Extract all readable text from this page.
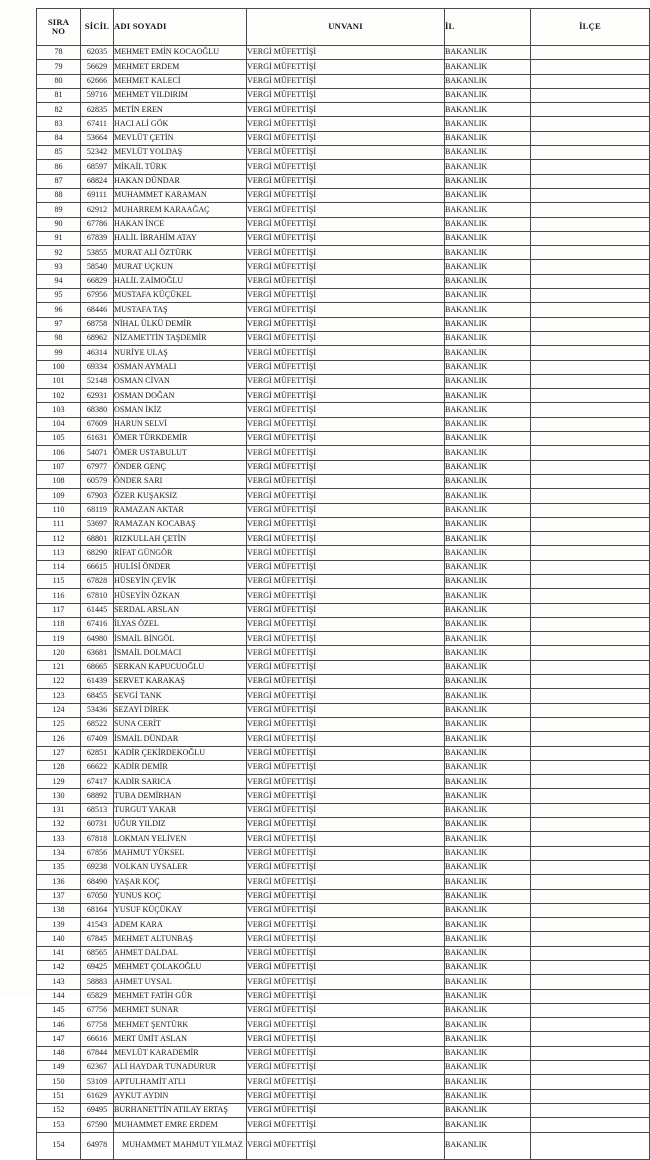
SIRA
NO	SİCİL	ADI SOYADI	UNVANI	İL	İLÇE
78	62035	MEHMET EMİN KOCAOĞLU	VERGİ MÜFETTİŞİ	BAKANLIK	
79	56629	MEHMET ERDEM	VERGİ MÜFETTİŞİ	BAKANLIK	
80	62666	MEHMET KALECİ	VERGİ MÜFETTİŞİ	BAKANLIK	
81	59716	MEHMET YILDIRIM	VERGİ MÜFETTİŞİ	BAKANLIK	
82	62835	METİN EREN	VERGİ MÜFETTİŞİ	BAKANLIK	
83	67411	HACI ALİ GÖK	VERGİ MÜFETTİŞİ	BAKANLIK	
84	53664	MEVLÜT ÇETİN	VERGİ MÜFETTİŞİ	BAKANLIK	
85	52342	MEVLÜT YOLDAŞ	VERGİ MÜFETTİŞİ	BAKANLIK	
86	68597	MİKAİL TÜRK	VERGİ MÜFETTİŞİ	BAKANLIK	
87	68824	HAKAN DÜNDAR	VERGİ MÜFETTİŞİ	BAKANLIK	
88	69111	MUHAMMET KARAMAN	VERGİ MÜFETTİŞİ	BAKANLIK	
89	62912	MUHARREM KARAAĞAÇ	VERGİ MÜFETTİŞİ	BAKANLIK	
90	67786	HAKAN İNCE	VERGİ MÜFETTİŞİ	BAKANLIK	
91	67839	HALİL İBRAHİM ATAY	VERGİ MÜFETTİŞİ	BAKANLIK	
92	53855	MURAT ALİ ÖZTÜRK	VERGİ MÜFETTİŞİ	BAKANLIK	
93	58540	MURAT UÇKUN	VERGİ MÜFETTİŞİ	BAKANLIK	
94	66829	HALİL ZAİMOĞLU	VERGİ MÜFETTİŞİ	BAKANLIK	
95	67956	MUSTAFA KÜÇÜKEL	VERGİ MÜFETTİŞİ	BAKANLIK	
96	68446	MUSTAFA TAŞ	VERGİ MÜFETTİŞİ	BAKANLIK	
97	68758	NİHAL ÜLKÜ DEMİR	VERGİ MÜFETTİŞİ	BAKANLIK	
98	68962	NİZAMETTİN TAŞDEMİR	VERGİ MÜFETTİŞİ	BAKANLIK	
99	46314	NURİYE ULAŞ	VERGİ MÜFETTİŞİ	BAKANLIK	
100	69334	OSMAN AYMALI	VERGİ MÜFETTİŞİ	BAKANLIK	
101	52148	OSMAN CİVAN	VERGİ MÜFETTİŞİ	BAKANLIK	
102	62931	OSMAN DOĞAN	VERGİ MÜFETTİŞİ	BAKANLIK	
103	68380	OSMAN İKİZ	VERGİ MÜFETTİŞİ	BAKANLIK	
104	67609	HARUN SELVİ	VERGİ MÜFETTİŞİ	BAKANLIK	
105	61631	ÖMER TÜRKDEMİR	VERGİ MÜFETTİŞİ	BAKANLIK	
106	54071	ÖMER USTABULUT	VERGİ MÜFETTİŞİ	BAKANLIK	
107	67977	ÖNDER GENÇ	VERGİ MÜFETTİŞİ	BAKANLIK	
108	60579	ÖNDER SARI	VERGİ MÜFETTİŞİ	BAKANLIK	
109	67903	ÖZER KUŞAKSIZ	VERGİ MÜFETTİŞİ	BAKANLIK	
110	68119	RAMAZAN AKTAR	VERGİ MÜFETTİŞİ	BAKANLIK	
111	53697	RAMAZAN KOCABAŞ	VERGİ MÜFETTİŞİ	BAKANLIK	
112	68801	RIZKULLAH ÇETİN	VERGİ MÜFETTİŞİ	BAKANLIK	
113	68290	RİFAT GÜNGÖR	VERGİ MÜFETTİŞİ	BAKANLIK	
114	66615	HULİSİ ÖNDER	VERGİ MÜFETTİŞİ	BAKANLIK	
115	67828	HÜSEYİN ÇEVİK	VERGİ MÜFETTİŞİ	BAKANLIK	
116	67810	HÜSEYİN ÖZKAN	VERGİ MÜFETTİŞİ	BAKANLIK	
117	61445	SERDAL ARSLAN	VERGİ MÜFETTİŞİ	BAKANLIK	
118	67416	İLYAS ÖZEL	VERGİ MÜFETTİŞİ	BAKANLIK	
119	64980	İSMAİL BİNGÖL	VERGİ MÜFETTİŞİ	BAKANLIK	
120	63681	İSMAİL DOLMACI	VERGİ MÜFETTİŞİ	BAKANLIK	
121	68665	SERKAN KAPUCUOĞLU	VERGİ MÜFETTİŞİ	BAKANLIK	
122	61439	SERVET KARAKAŞ	VERGİ MÜFETTİŞİ	BAKANLIK	
123	68455	SEVGİ TANK	VERGİ MÜFETTİŞİ	BAKANLIK	
124	53436	SEZAYİ DİREK	VERGİ MÜFETTİŞİ	BAKANLIK	
125	68522	SUNA CERİT	VERGİ MÜFETTİŞİ	BAKANLIK	
126	67409	İSMAİL DÜNDAR	VERGİ MÜFETTİŞİ	BAKANLIK	
127	62851	KADİR ÇEKİRDEKOĞLU	VERGİ MÜFETTİŞİ	BAKANLIK	
128	66622	KADİR DEMİR	VERGİ MÜFETTİŞİ	BAKANLIK	
129	67417	KADİR SARICA	VERGİ MÜFETTİŞİ	BAKANLIK	
130	68892	TUBA DEMİRHAN	VERGİ MÜFETTİŞİ	BAKANLIK	
131	68513	TURGUT YAKAR	VERGİ MÜFETTİŞİ	BAKANLIK	
132	60731	UĞUR YILDIZ	VERGİ MÜFETTİŞİ	BAKANLIK	
133	67818	LOKMAN YELİVEN	VERGİ MÜFETTİŞİ	BAKANLIK	
134	67856	MAHMUT YÜKSEL	VERGİ MÜFETTİŞİ	BAKANLIK	
135	69238	VOLKAN UYSALER	VERGİ MÜFETTİŞİ	BAKANLIK	
136	68490	YAŞAR KOÇ	VERGİ MÜFETTİŞİ	BAKANLIK	
137	67050	YUNUS KOÇ	VERGİ MÜFETTİŞİ	BAKANLIK	
138	68164	YUSUF KÜÇÜKAY	VERGİ MÜFETTİŞİ	BAKANLIK	
139	41543	ADEM KARA	VERGİ MÜFETTİŞİ	BAKANLIK	
140	67845	MEHMET ALTUNBAŞ	VERGİ MÜFETTİŞİ	BAKANLIK	
141	68565	AHMET DALDAL	VERGİ MÜFETTİŞİ	BAKANLIK	
142	69425	MEHMET ÇOLAKOĞLU	VERGİ MÜFETTİŞİ	BAKANLIK	
143	58883	AHMET UYSAL	VERGİ MÜFETTİŞİ	BAKANLIK	
144	65829	MEHMET FATİH GÜR	VERGİ MÜFETTİŞİ	BAKANLIK	
145	67756	MEHMET SUNAR	VERGİ MÜFETTİŞİ	BAKANLIK	
146	67758	MEHMET ŞENTÜRK	VERGİ MÜFETTİŞİ	BAKANLIK	
147	66616	MERT ÜMİT ASLAN	VERGİ MÜFETTİŞİ	BAKANLIK	
148	67844	MEVLÜT KARADEMİR	VERGİ MÜFETTİŞİ	BAKANLIK	
149	62367	ALİ HAYDAR TUNADURUR	VERGİ MÜFETTİŞİ	BAKANLIK	
150	53109	APTULHAMİT ATLI	VERGİ MÜFETTİŞİ	BAKANLIK	
151	61629	AYKUT AYDIN	VERGİ MÜFETTİŞİ	BAKANLIK	
152	69495	BURHANETTİN ATILAY ERTAŞ	VERGİ MÜFETTİŞİ	BAKANLIK	
153	67590	MUHAMMET EMRE ERDEM	VERGİ MÜFETTİŞİ	BAKANLIK	
154	64978	MUHAMMET MAHMUT YILMAZ	VERGİ MÜFETTİŞİ	BAKANLIK	
